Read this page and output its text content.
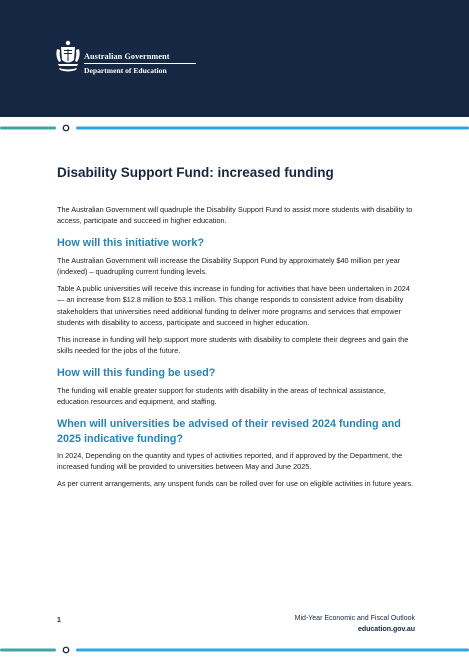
Australian Government
Department of Education
Disability Support Fund: increased funding

The Australian Government will quadruple the Disability Support Fund to assist more students with disability to access, participate and succeed in higher education.

How will this initiative work?

The Australian Government will increase the Disability Support Fund by approximately $40 million per year (indexed) – quadrupling current funding levels.

Table A public universities will receive this increase in funding for activities that have been undertaken in 2024 — an increase from $12.8 million to $53.1 million. This change responds to consistent advice from disability stakeholders that universities need additional funding to deliver more programs and services that empower students with disability to access, participate and succeed in higher education.

This increase in funding will help support more students with disability to complete their degrees and gain the skills needed for the jobs of the future.

How will this funding be used?

The funding will enable greater support for students with disability in the areas of technical assistance, education resources and equipment, and staffing.

When will universities be advised of their revised 2024 funding and 2025 indicative funding?

In 2024, Depending on the quantity and types of activities reported, and if approved by the Department, the increased funding will be provided to universities between May and June 2025.

As per current arrangements, any unspent funds can be rolled over for use on eligible activities in future years.

1	Mid-Year Economic and Fiscal Outlook
education.gov.au
